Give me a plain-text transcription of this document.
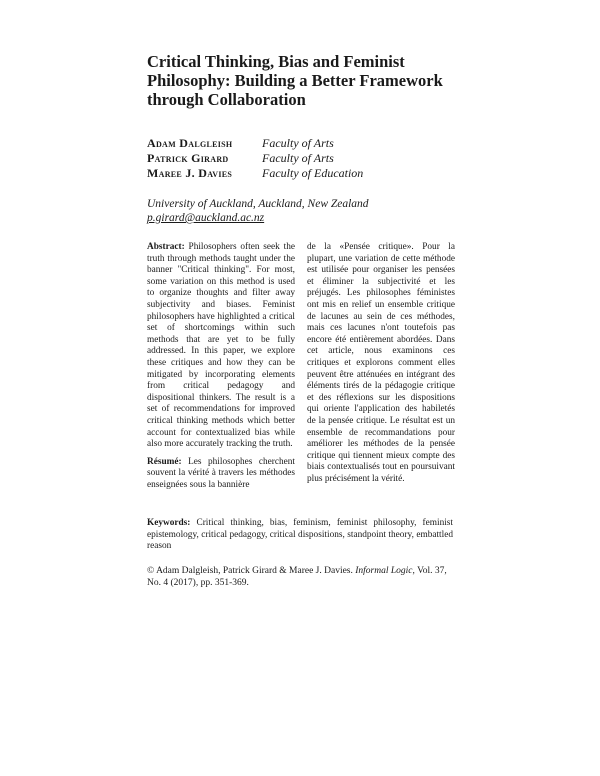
Critical Thinking, Bias and Feminist Philosophy: Building a Better Framework through Collaboration
Adam Dalgleish Faculty of Arts
Patrick Girard	Faculty of Arts
Maree J. Davies Faculty of Education
University of Auckland, Auckland, New Zealand
p.girard@auckland.ac.nz

Abstract: Philosophers often seek the truth through methods taught under the banner "Critical thinking". For most, some variation on this method is used to organize thoughts and filter away subjectivity and biases. Feminist philosophers have highlighted a critical set of shortcomings within such methods that are yet to be fully addressed. In this paper, we explore these critiques and how they can be mitigated by incorporating elements from critical pedagogy and dispositional thinkers. The result is a set of recommendations for improved critical thinking methods which better account for contextualized bias while also more accurately tracking the truth.

Résumé: Les philosophes cherchent souvent la vérité à travers les méthodes enseignées sous la bannière

de la «Pensée critique». Pour la plupart, une variation de cette méthode est utilisée pour organiser les pensées et éliminer la subjectivité et les préjugés. Les philosophes féministes ont mis en relief un ensemble critique de lacunes au sein de ces méthodes, mais ces lacunes n'ont toutefois pas encore été entièrement abordées. Dans cet article, nous examinons ces critiques et explorons comment elles peuvent être atténuées en intégrant des éléments tirés de la pédagogie critique et des réflexions sur les dispositions qui oriente l'application des habiletés de la pensée critique. Le résultat est un ensemble de recommandations pour améliorer les méthodes de la pensée critique qui tiennent mieux compte des biais contextualisés tout en poursuivant plus précisément la vérité.

Keywords: Critical thinking, bias, feminism, feminist philosophy, feminist epistemology, critical pedagogy, critical dispositions, standpoint theory, embattled reason

© Adam Dalgleish, Patrick Girard & Maree J. Davies. Informal Logic, Vol. 37, No. 4 (2017), pp. 351-369.
